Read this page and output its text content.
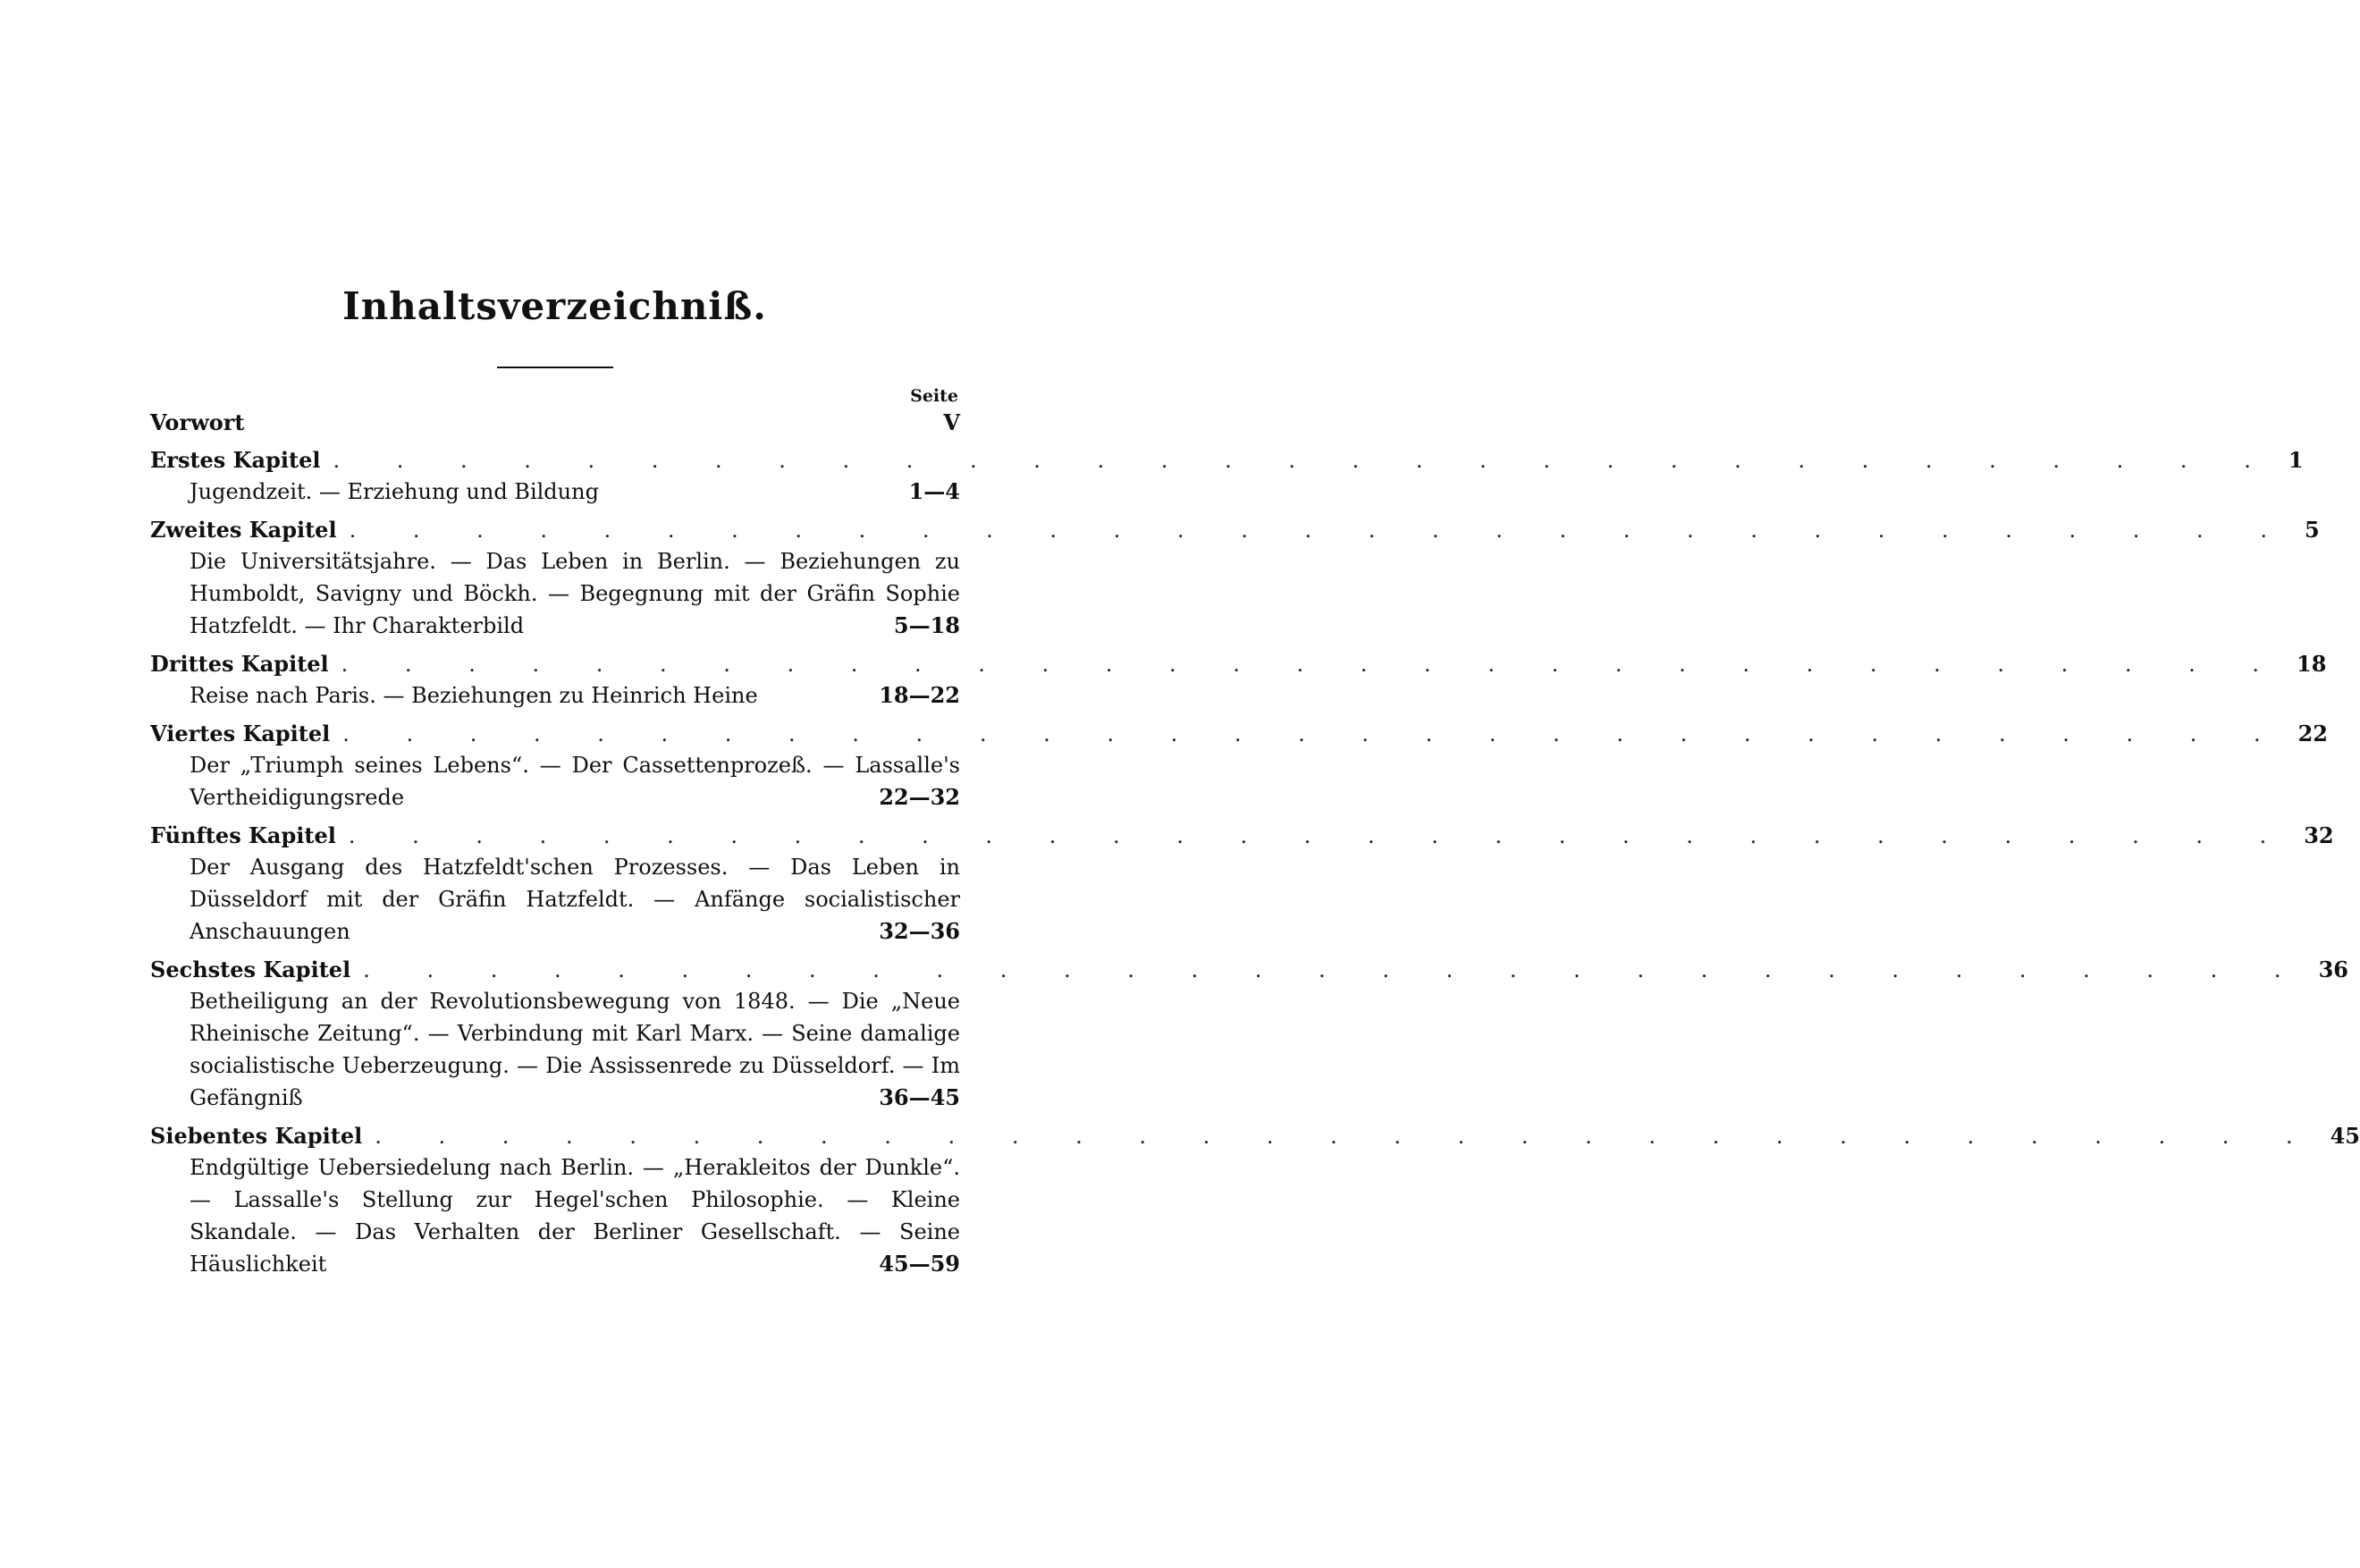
Inhaltsverzeichniß.
Seite
Vorwort	V
Erstes Kapitel . . . . . . . . . . . . . . . . . . . . . . . . . . . . . . . 1
Jugendzeit. — Erziehung und Bildung	1—4
Zweites Kapitel . . . . . . . . . . . . . . . . . . . . . . . . . . . . . . . 5
Die Universitätsjahre. — Das Leben in Berlin. — Beziehungen zu Humboldt, Savigny und Böckh. — Begegnung mit der Gräfin Sophie Hatzfeldt. — Ihr Charakterbild	5—18
Drittes Kapitel . . . . . . . . . . . . . . . . . . . . . . . . . . . . . . . 18
Reise nach Paris. — Beziehungen zu Heinrich Heine	18—22
Viertes Kapitel . . . . . . . . . . . . . . . . . . . . . . . . . . . . . . . 22
Der „Triumph seines Lebens“. — Der Cassettenprozeß. — Lassalle's Vertheidigungsrede	22—32
Fünftes Kapitel . . . . . . . . . . . . . . . . . . . . . . . . . . . . . . . 32
Der Ausgang des Hatzfeldt'schen Prozesses. — Das Leben in Düsseldorf mit der Gräfin Hatzfeldt. — Anfänge socialistischer Anschauungen	32—36
Sechstes Kapitel . . . . . . . . . . . . . . . . . . . . . . . . . . . . . . . 36
Betheiligung an der Revolutionsbewegung von 1848. — Die „Neue Rheinische Zeitung“. — Verbindung mit Karl Marx. — Seine damalige socialistische Ueberzeugung. — Die Assissenrede zu Düsseldorf. — Im Gefängniß	36—45
Siebentes Kapitel . . . . . . . . . . . . . . . . . . . . . . . . . . . . . . . 45
Endgültige Uebersiedelung nach Berlin. — „Herakleitos der Dunkle“. — Lassalle's Stellung zur Hegel'schen Philosophie. — Kleine Skandale. — Das Verhalten der Berliner Gesellschaft. — Seine Häuslichkeit	45—59
